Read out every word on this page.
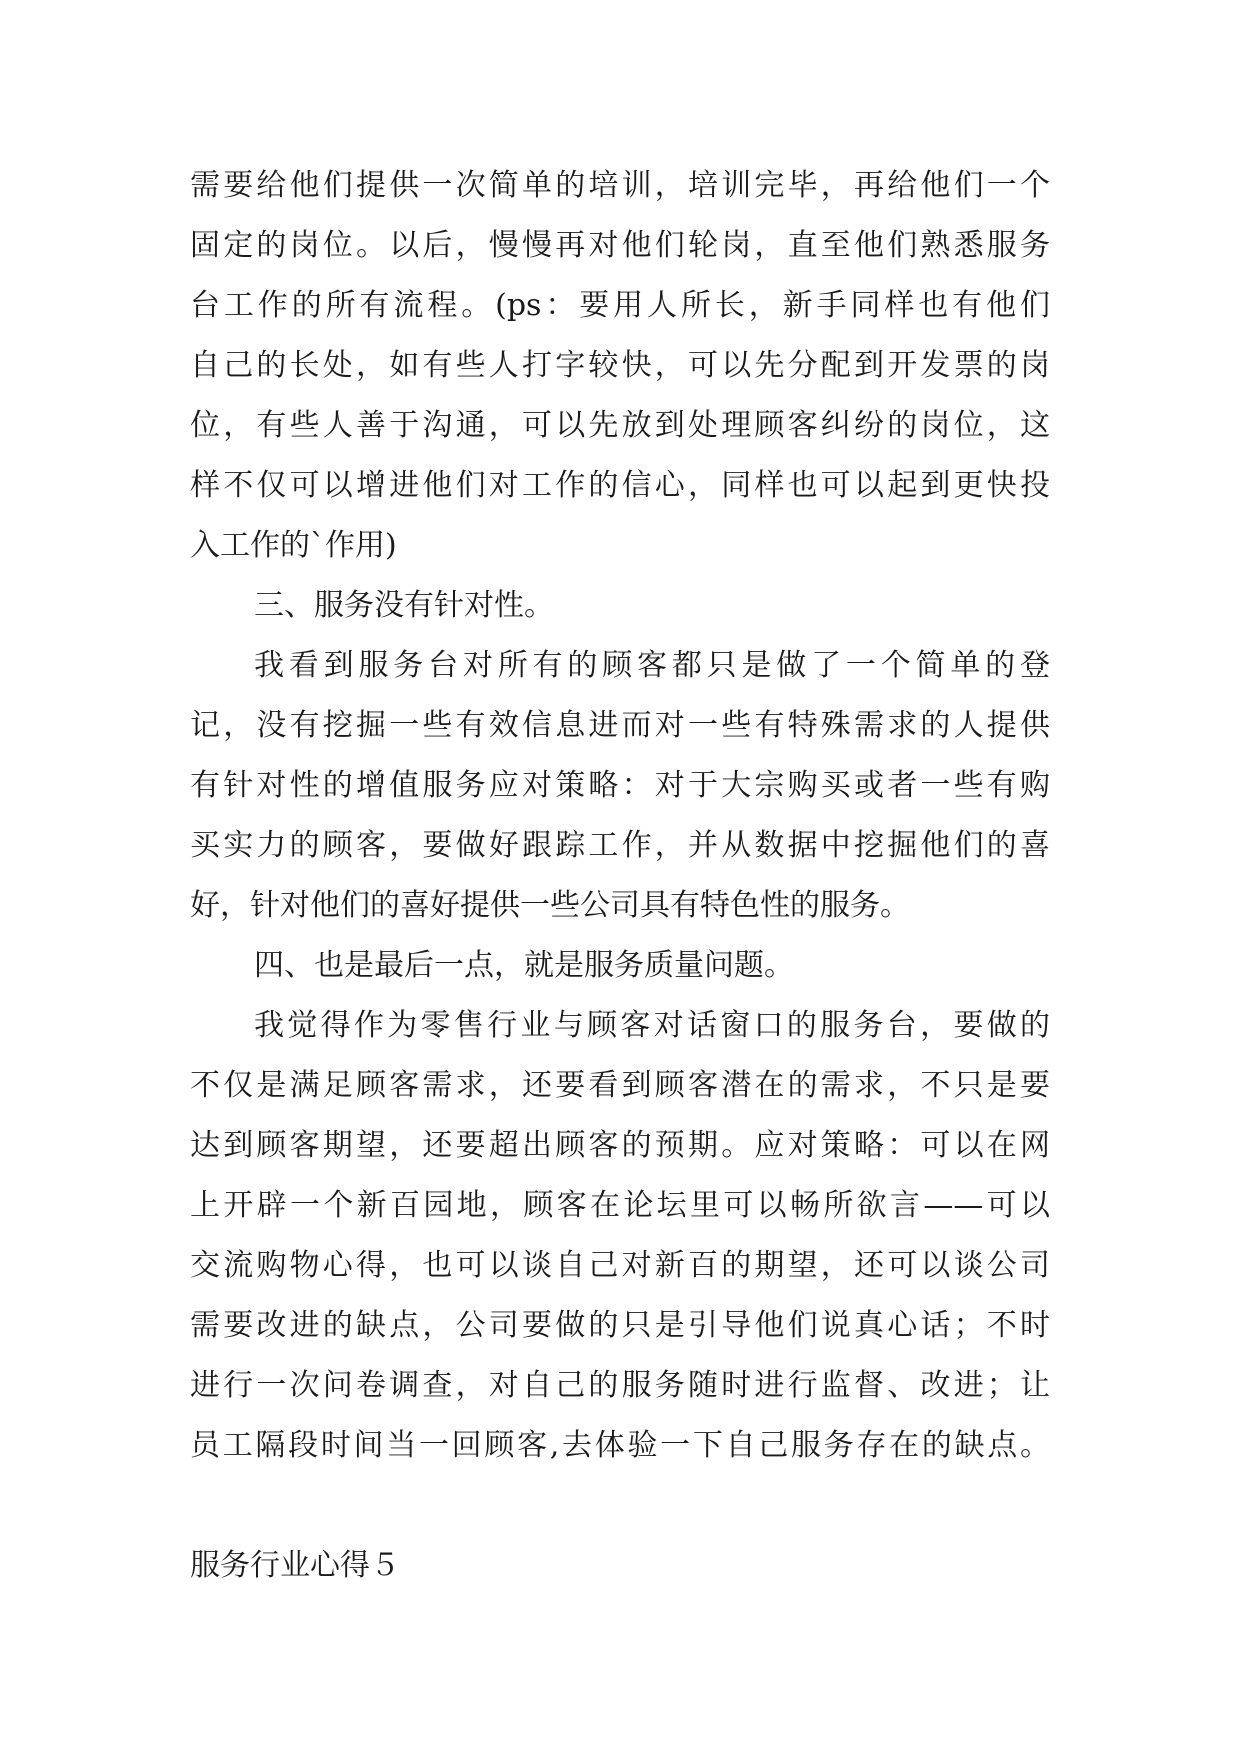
需要给他们提供一次简单的培训，培训完毕，再给他们一个
固定的岗位。以后，慢慢再对他们轮岗，直至他们熟悉服务
台工作的所有流程。(ps：要用人所长，新手同样也有他们
自己的长处，如有些人打字较快，可以先分配到开发票的岗
位，有些人善于沟通，可以先放到处理顾客纠纷的岗位，这
样不仅可以增进他们对工作的信心，同样也可以起到更快投
入工作的`作用)
三、服务没有针对性。
我看到服务台对所有的顾客都只是做了一个简单的登
记，没有挖掘一些有效信息进而对一些有特殊需求的人提供
有针对性的增值服务应对策略：对于大宗购买或者一些有购
买实力的顾客，要做好跟踪工作，并从数据中挖掘他们的喜
好，针对他们的喜好提供一些公司具有特色性的服务。
四、也是最后一点，就是服务质量问题。
我觉得作为零售行业与顾客对话窗口的服务台，要做的
不仅是满足顾客需求，还要看到顾客潜在的需求，不只是要
达到顾客期望，还要超出顾客的预期。应对策略：可以在网
上开辟一个新百园地，顾客在论坛里可以畅所欲言——可以
交流购物心得，也可以谈自己对新百的期望，还可以谈公司
需要改进的缺点，公司要做的只是引导他们说真心话；不时
进行一次问卷调查，对自己的服务随时进行监督、改进；让
员工隔段时间当一回顾客,去体验一下自己服务存在的缺点。
服务行业心得５
